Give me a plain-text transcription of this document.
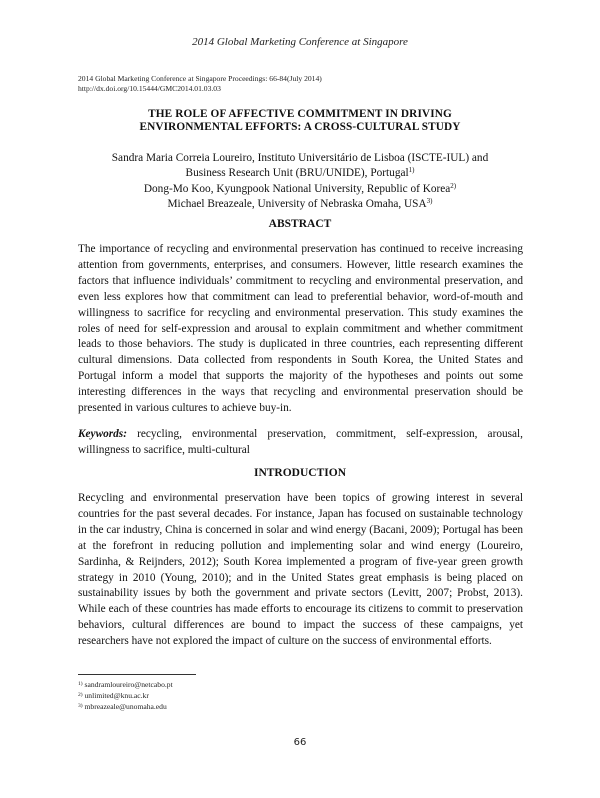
2014 Global Marketing Conference at Singapore
2014 Global Marketing Conference at Singapore Proceedings: 66-84(July 2014)
http://dx.doi.org/10.15444/GMC2014.01.03.03
THE ROLE OF AFFECTIVE COMMITMENT IN DRIVING
ENVIRONMENTAL EFFORTS: A CROSS-CULTURAL STUDY
Sandra Maria Correia Loureiro, Instituto Universitário de Lisboa (ISCTE-IUL) and
Business Research Unit (BRU/UNIDE), Portugal$^{1)}$
Dong-Mo Koo, Kyungpook National University, Republic of Korea$^{2)}$
Michael Breazeale, University of Nebraska Omaha, USA$^{3)}$
ABSTRACT
The importance of recycling and environmental preservation has continued to receive increasing attention from governments, enterprises, and consumers. However, little research examines the factors that influence individuals’ commitment to recycling and environmental preservation, and even less explores how that commitment can lead to preferential behavior, word-of-mouth and willingness to sacrifice for recycling and environmental preservation. This study examines the roles of need for self-expression and arousal to explain commitment and whether commitment leads to those behaviors. The study is duplicated in three countries, each representing different cultural dimensions. Data collected from respondents in South Korea, the United States and Portugal inform a model that supports the majority of the hypotheses and points out some interesting differences in the ways that recycling and environmental preservation should be presented in various cultures to achieve buy-in.
Keywords: recycling, environmental preservation, commitment, self-expression, arousal, willingness to sacrifice, multi-cultural
INTRODUCTION
Recycling and environmental preservation have been topics of growing interest in several countries for the past several decades. For instance, Japan has focused on sustainable technology in the car industry, China is concerned in solar and wind energy (Bacani, 2009); Portugal has been at the forefront in reducing pollution and implementing solar and wind energy (Loureiro, Sardinha, & Reijnders, 2012); South Korea implemented a program of five-year green growth strategy in 2010 (Young, 2010); and in the United States great emphasis is being placed on sustainability issues by both the government and private sectors (Levitt, 2007; Probst, 2013). While each of these countries has made efforts to encourage its citizens to commit to preservation behaviors, cultural differences are bound to impact the success of these campaigns, yet researchers have not explored the impact of culture on the success of environmental efforts.
$^{1)}$ sandramloureiro@netcabo.pt
$^{2)}$ unlimited@knu.ac.kr
$^{3)}$ mbreazeale@unomaha.edu
66
